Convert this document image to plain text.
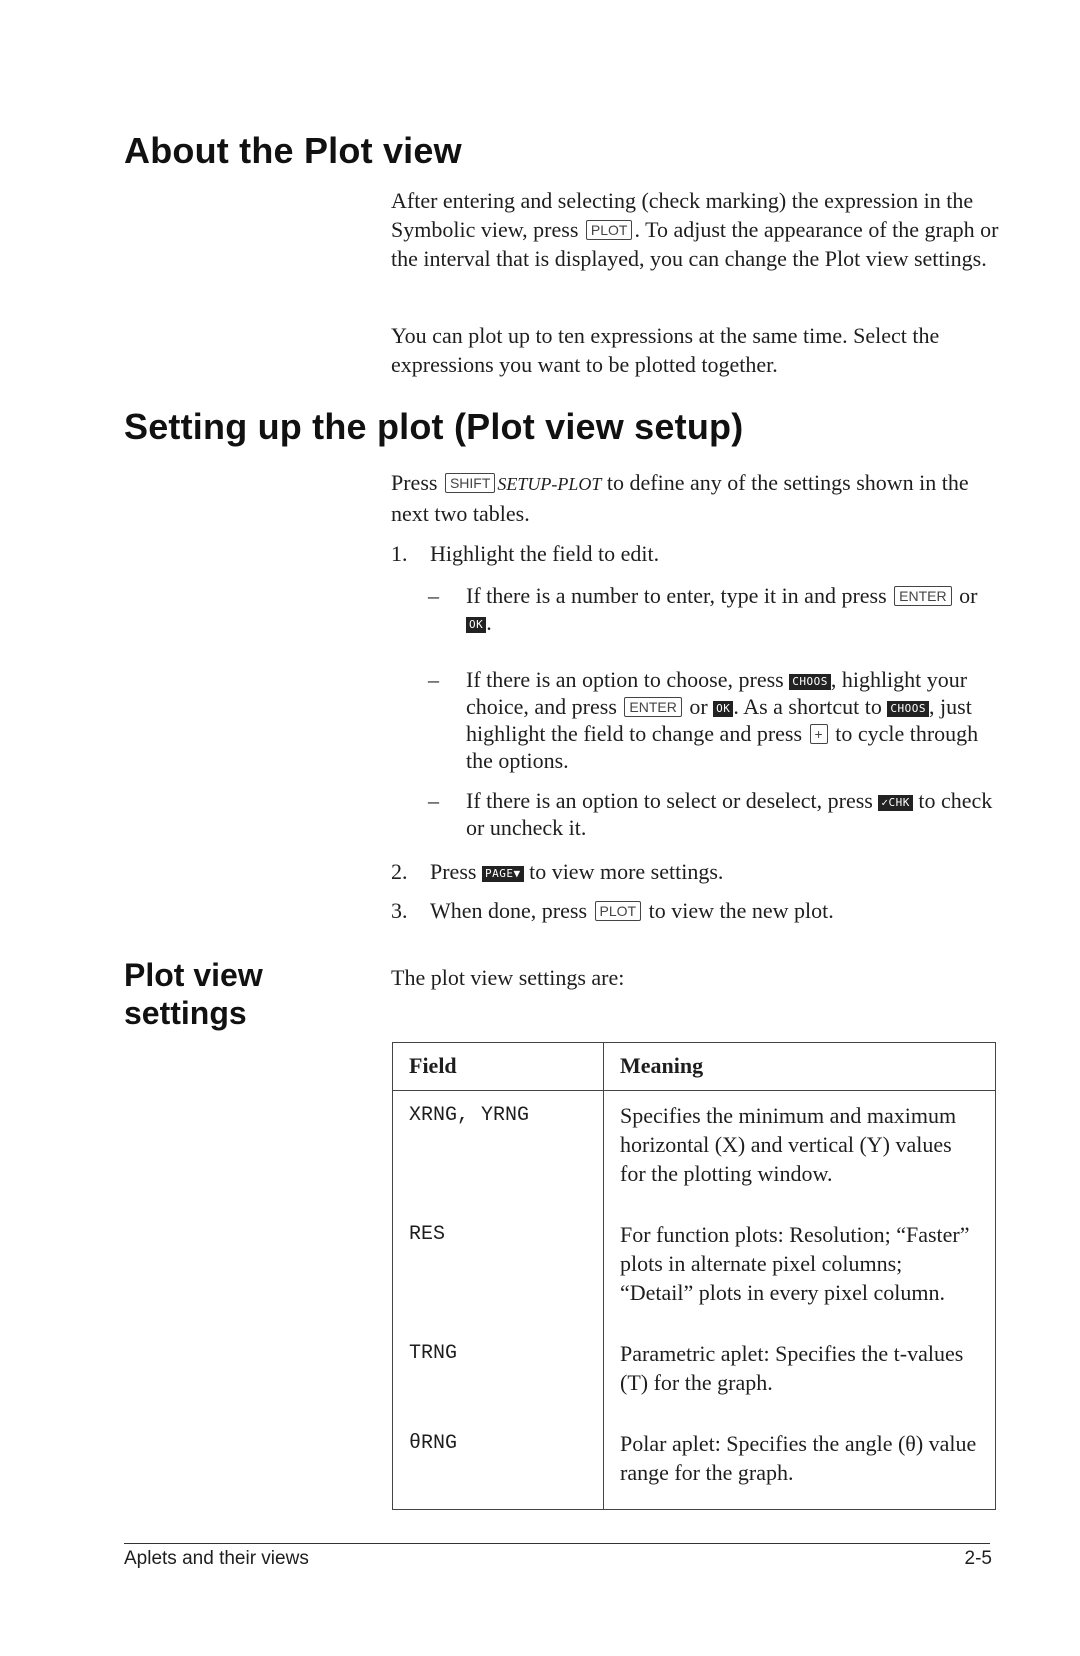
About the Plot view

After entering and selecting (check marking) the expression in the Symbolic view, press PLOT . To adjust the appearance of the graph or the interval that is displayed, you can change the Plot view settings.

You can plot up to ten expressions at the same time. Select the expressions you want to be plotted together.

Setting up the plot (Plot view setup)

Press SHIFT SETUP-PLOT to define any of the settings shown in the next two tables.

1. Highlight the field to edit.
– If there is a number to enter, type it in and press ENTER or OK .

– If there is an option to choose, press CHOOS , highlight your choice, and press ENTER or OK . As a shortcut to CHOOS , just highlight the field to change and press + to cycle through the options.

– If there is an option to select or deselect, press ✓CHK to check or uncheck it.

2. Press PAGE▼ to view more settings.
3. When done, press PLOT to view the new plot.
Plot view
settings

The plot view settings are:

Field	Meaning
XRNG, YRNG	Specifies the minimum and maximum horizontal (X) and vertical (Y) values for the plotting window.
RES	For function plots: Resolution; “Faster” plots in alternate pixel columns; “Detail” plots in every pixel column.
TRNG	Parametric aplet: Specifies the t-values (T) for the graph.
θRNG	Polar aplet: Specifies the angle (θ) value range for the graph.
Aplets and their views	2-5
